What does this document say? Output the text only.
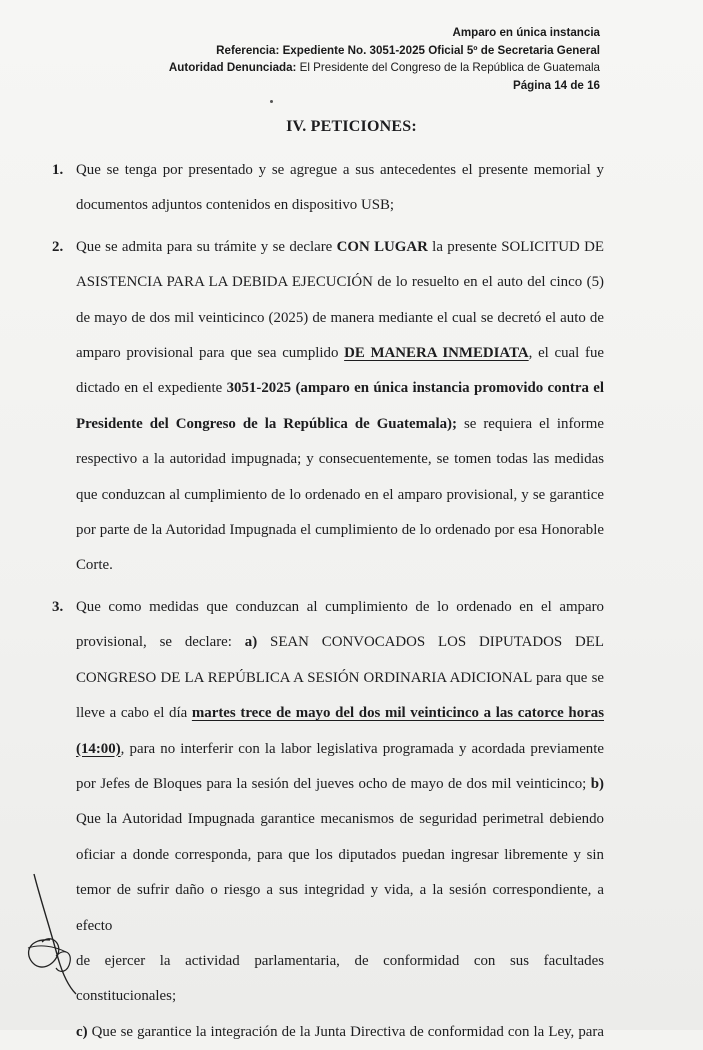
Amparo en única instancia
Referencia: Expediente No. 3051-2025 Oficial 5º de Secretaria General
Autoridad Denunciada: El Presidente del Congreso de la República de Guatemala
Página 14 de 16
IV. PETICIONES:
1. Que se tenga por presentado y se agregue a sus antecedentes el presente memorial y
documentos adjuntos contenidos en dispositivo USB;
2. Que se admita para su trámite y se declare CON LUGAR la presente SOLICITUD DE
ASISTENCIA PARA LA DEBIDA EJECUCIÓN de lo resuelto en el auto del cinco (5)
de mayo de dos mil veinticinco (2025) de manera mediante el cual se decretó el auto de
amparo provisional para que sea cumplido DE MANERA INMEDIATA, el cual fue
dictado en el expediente 3051-2025 (amparo en única instancia promovido contra el
Presidente del Congreso de la República de Guatemala); se requiera el informe
respectivo a la autoridad impugnada; y consecuentemente, se tomen todas las medidas
que conduzcan al cumplimiento de lo ordenado en el amparo provisional, y se garantice
por parte de la Autoridad Impugnada el cumplimiento de lo ordenado por esa Honorable
Corte.
3. Que como medidas que conduzcan al cumplimiento de lo ordenado en el amparo
provisional, se declare: a) SEAN CONVOCADOS LOS DIPUTADOS DEL
CONGRESO DE LA REPÚBLICA A SESIÓN ORDINARIA ADICIONAL para que se
lleve a cabo el día martes trece de mayo del dos mil veinticinco a las catorce horas
(14:00), para no interferir con la labor legislativa programada y acordada previamente
por Jefes de Bloques para la sesión del jueves ocho de mayo de dos mil veinticinco; b)
Que la Autoridad Impugnada garantice mecanismos de seguridad perimetral debiendo
oficiar a donde corresponda, para que los diputados puedan ingresar libremente y sin
temor de sufrir daño o riesgo a sus integridad y vida, a la sesión correspondiente, a efecto
de ejercer la actividad parlamentaria, de conformidad con sus facultades constitucionales;
c) Que se garantice la integración de la Junta Directiva de conformidad con la Ley, para
